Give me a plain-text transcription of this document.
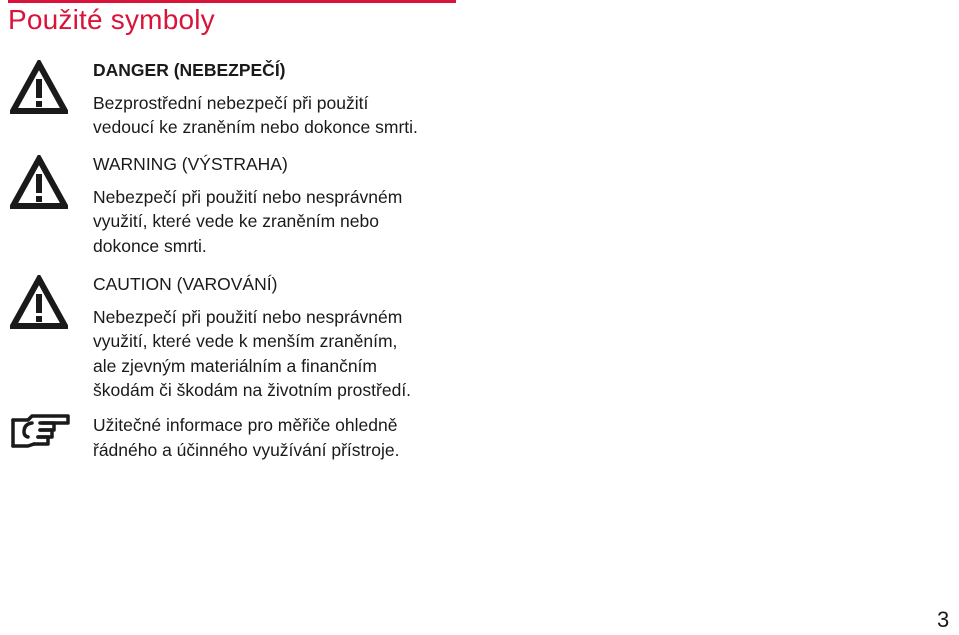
Použité symboly
DANGER (NEBEZPEČÍ)
Bezprostřední nebezpečí při použití
vedoucí ke zraněním nebo dokonce smrti.
WARNING (VÝSTRAHA)
Nebezpečí při použití nebo nesprávném
využití, které vede ke zraněním nebo
dokonce smrti.
CAUTION (VAROVÁNÍ)
Nebezpečí při použití nebo nesprávném
využití, které vede k menším zraněním,
ale zjevným materiálním a finančním
škodám či škodám na životním prostředí.
Užitečné informace pro měřiče ohledně
řádného a účinného využívání přístroje.
3
